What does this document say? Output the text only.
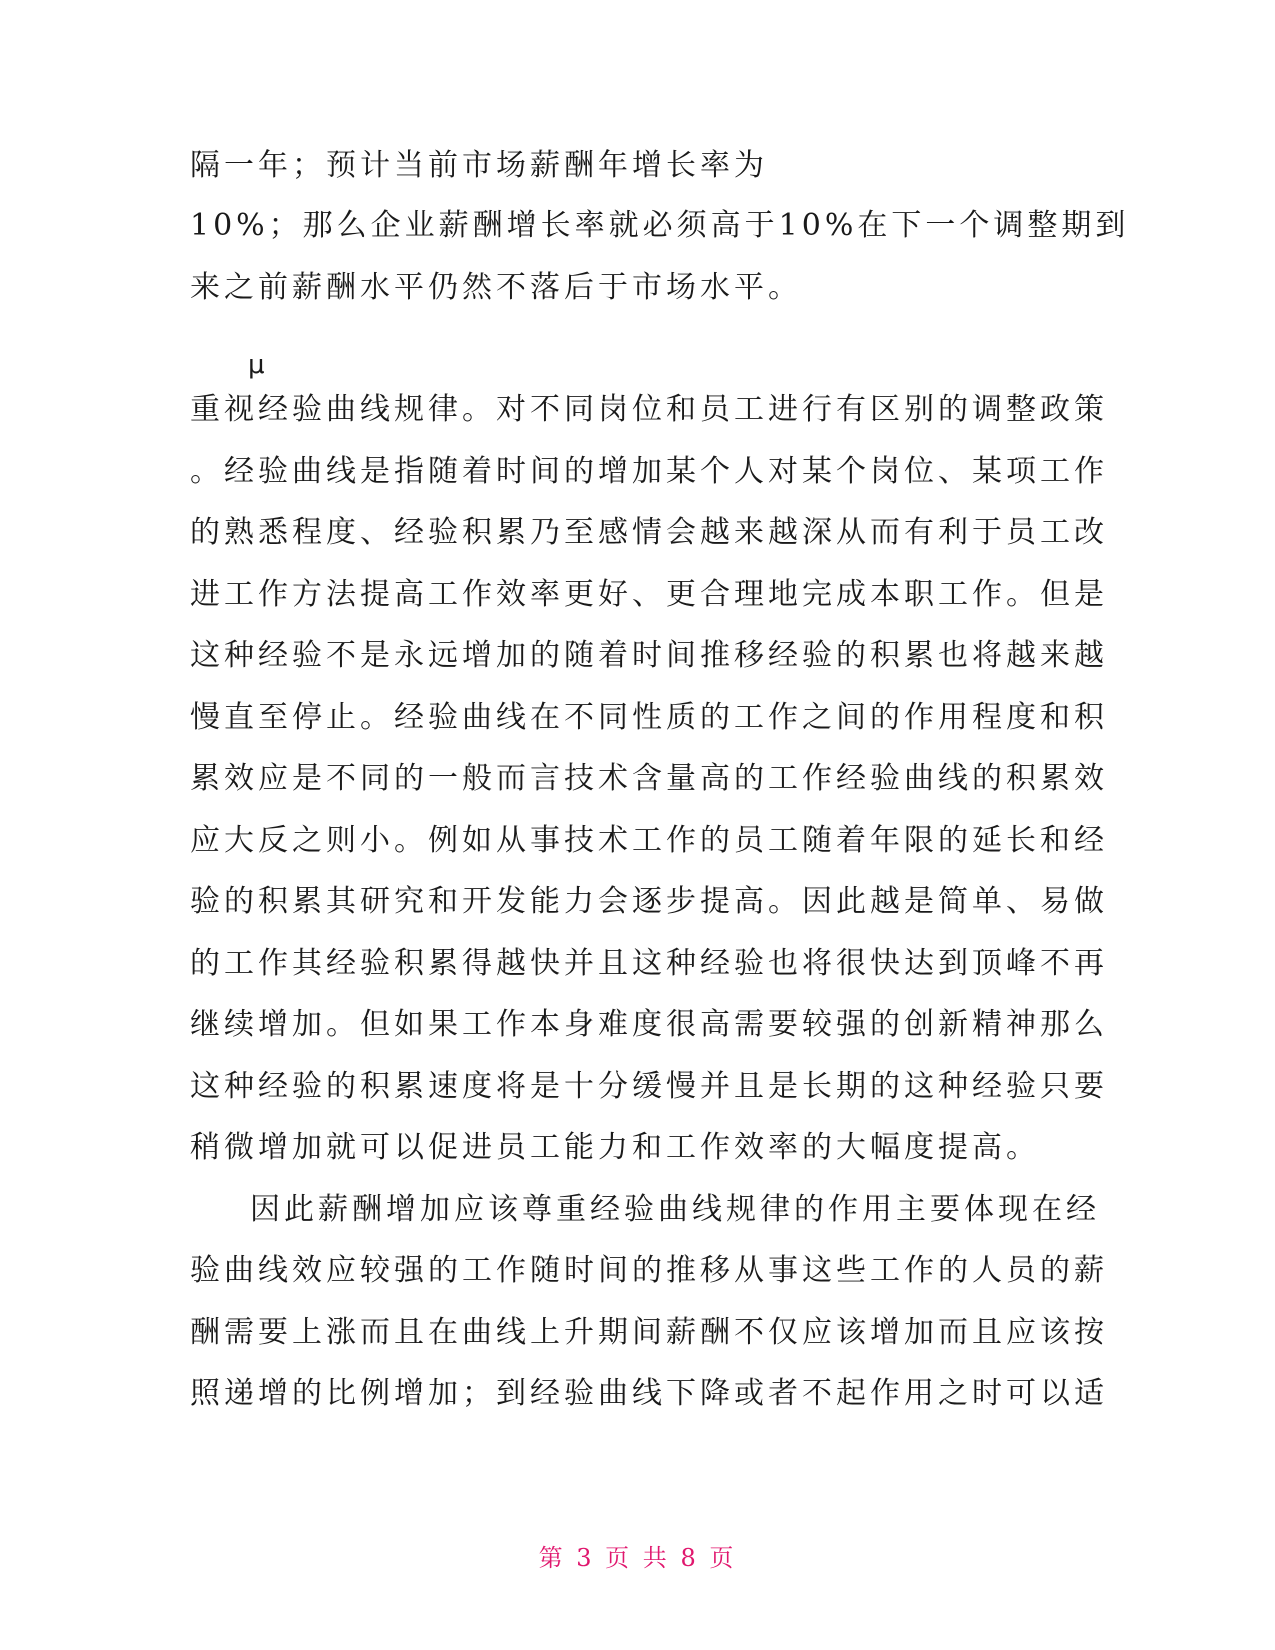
隔一年；预计当前市场薪酬年增长率为
10%；那么企业薪酬增长率就必须高于10%在下一个调整期到
来之前薪酬水平仍然不落后于市场水平。
μ
重视经验曲线规律。对不同岗位和员工进行有区别的调整政策
。经验曲线是指随着时间的增加某个人对某个岗位、某项工作
的熟悉程度、经验积累乃至感情会越来越深从而有利于员工改
进工作方法提高工作效率更好、更合理地完成本职工作。但是
这种经验不是永远增加的随着时间推移经验的积累也将越来越
慢直至停止。经验曲线在不同性质的工作之间的作用程度和积
累效应是不同的一般而言技术含量高的工作经验曲线的积累效
应大反之则小。例如从事技术工作的员工随着年限的延长和经
验的积累其研究和开发能力会逐步提高。因此越是简单、易做
的工作其经验积累得越快并且这种经验也将很快达到顶峰不再
继续增加。但如果工作本身难度很高需要较强的创新精神那么
这种经验的积累速度将是十分缓慢并且是长期的这种经验只要
稍微增加就可以促进员工能力和工作效率的大幅度提高。
因此薪酬增加应该尊重经验曲线规律的作用主要体现在经
验曲线效应较强的工作随时间的推移从事这些工作的人员的薪
酬需要上涨而且在曲线上升期间薪酬不仅应该增加而且应该按
照递增的比例增加；到经验曲线下降或者不起作用之时可以适
第 3 页 共 8 页
